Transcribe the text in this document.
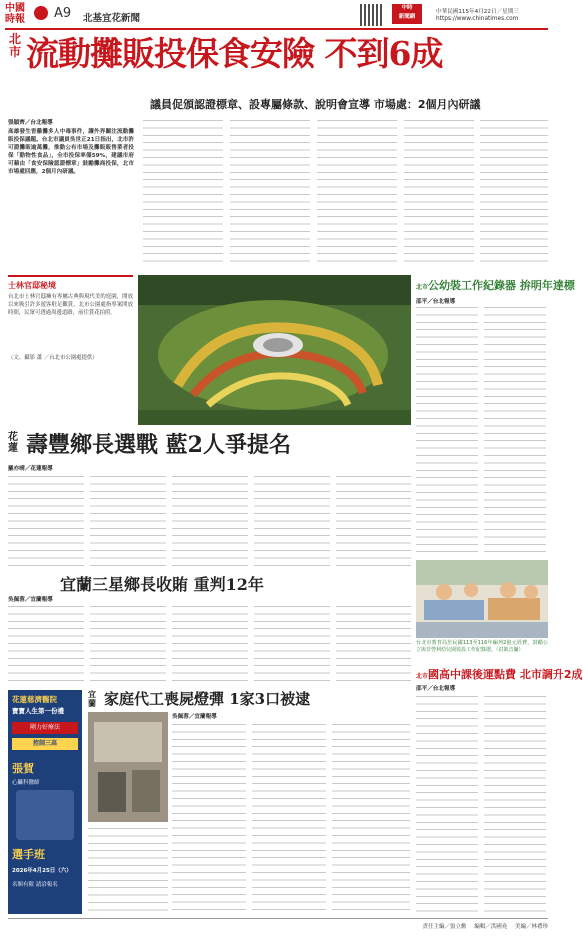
中國
時報	A9 北基宜花新聞
中時
新聞網
中華民國115年4月22日／星期三
https://www.chinatimes.com
北市 流動攤販投保食安險 不到6成
議員促頒認證標章、設專屬條款、說明會宣導 市場處：2個月內研議
張穎齊／台北報導
高雄發生香雞攤多人中毒事件，讓外界關注流動攤販投保議題。台北市議員吳世正21日指出，北市許可證攤販逾萬攤，推動公有市場及攤販販售業者投保「動物性食品」，全市投保率僅59%，建議市府可藉由「食安保險認證標章」鼓勵攤商投保，北市市場處回應，2個月內研議。
士林官邸秘境
台北市士林官邸擁有專屬古典與現代美的庭園，開放以來吸引許多遊客駐足觀賞，北市公園處指專案開放時間，民眾可透過周邊道路，前往賞花拍照。
（文、攝影 蕭 ／台北市公園處提供）
北市公幼裝工作紀錄器 拚明年達標
邵平／台北報導
花蓮 壽豐鄉長選戰 藍2人爭提名
羅亦晴／花蓮報導
宜蘭三星鄉長收賄 重判12年
吳佩蓉／宜蘭報導
台北市教育局於民國113至116年編列2億元經費，鼓勵公立與非營利幼兒園裝設工作紀錄器。（洪凱音攝）
北市國高中課後運點費 北市調升2成
邵平／台北報導
花蓮慈濟醫院
寶寶人生第一份禮
剛力好療法
控制三高
張賀
心臟科醫師
選手班
2026年4月25日（六）
名額有限 請洽報名
宜蘭 家庭代工喪屍燈彈 1家3口被逮
吳佩蓉／宜蘭報導
責任主編／張立勳 編輯／洪國堯 美編／林禮珍
